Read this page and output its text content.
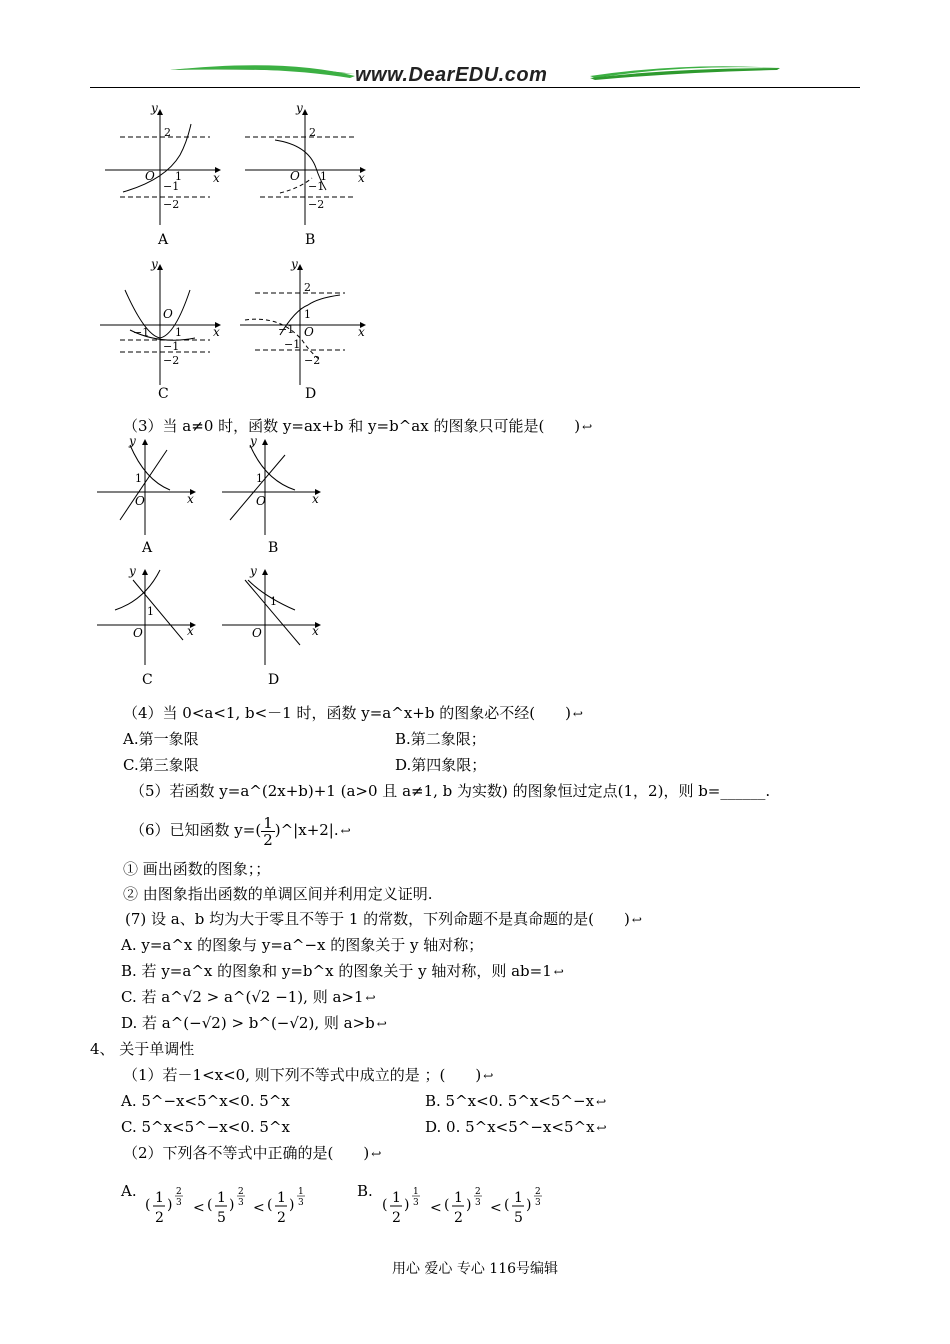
www.DearEDU.com
y
x
O
2
1
−1
−2
y
x
O
2
1
−1
−2
y
x
O
−1 1
−1
−2
y
x
O
2
1
−1
−1
−2
A	B
C	D
（3）当 a≠0 时，函数 y=ax+b 和 y=b^ax 的图象只可能是(　　) ↩
y
x
O
1
y
x
O
1
y
x
O
1
y
x
O
1
A	B
C	D
（4）当 0<a<1, b<－1 时，函数 y=a^x+b 的图象必不经(　　) ↩
A.第一象限	B.第二象限；
C.第三象限	D.第四象限；
（5）若函数 y=a^(2x+b)+1 (a>0 且 a≠1, b 为实数) 的图象恒过定点(1，2)，则 b=______.
（6）已知函数 $y=( \frac{1}{2}$ )^|x+2|. ↩
① 画出函数的图象；；
② 由图象指出函数的单调区间并利用定义证明.
(7) 设 a、b 均为大于零且不等于 1 的常数，下列命题不是真命题的是(　　) ↩
A. y=a^x 的图象与 y=a^−x 的图象关于 y 轴对称；
B. 若 y=a^x 的图象和 y=b^x 的图象关于 y 轴对称，则 ab=1 ↩
C. 若 a^√2 > a^(√2 −1), 则 a>1 ↩
D. 若 a^(−√2) > b^(−√2), 则 a>b ↩
4、 关于单调性
（1）若－1<x<0, 则下列不等式中成立的是 ；(　　) ↩
A. 5^−x<5^x<0. 5^x	B. 5^x<0. 5^x<5^−x ↩
C. 5^x<5^−x<0. 5^x	D. 0. 5^x<5^−x<5^x ↩
（2）下列各不等式中正确的是(　　) ↩
A.
( 1
2
)
2
3 < ( 1
5
)
2
3 < ( 1
2
)
1
3
B.
( 1
2
)
1
3 < ( 1
2
)
2
3 < ( 1
5
)
2
3
用心 爱心 专心 116号编辑
